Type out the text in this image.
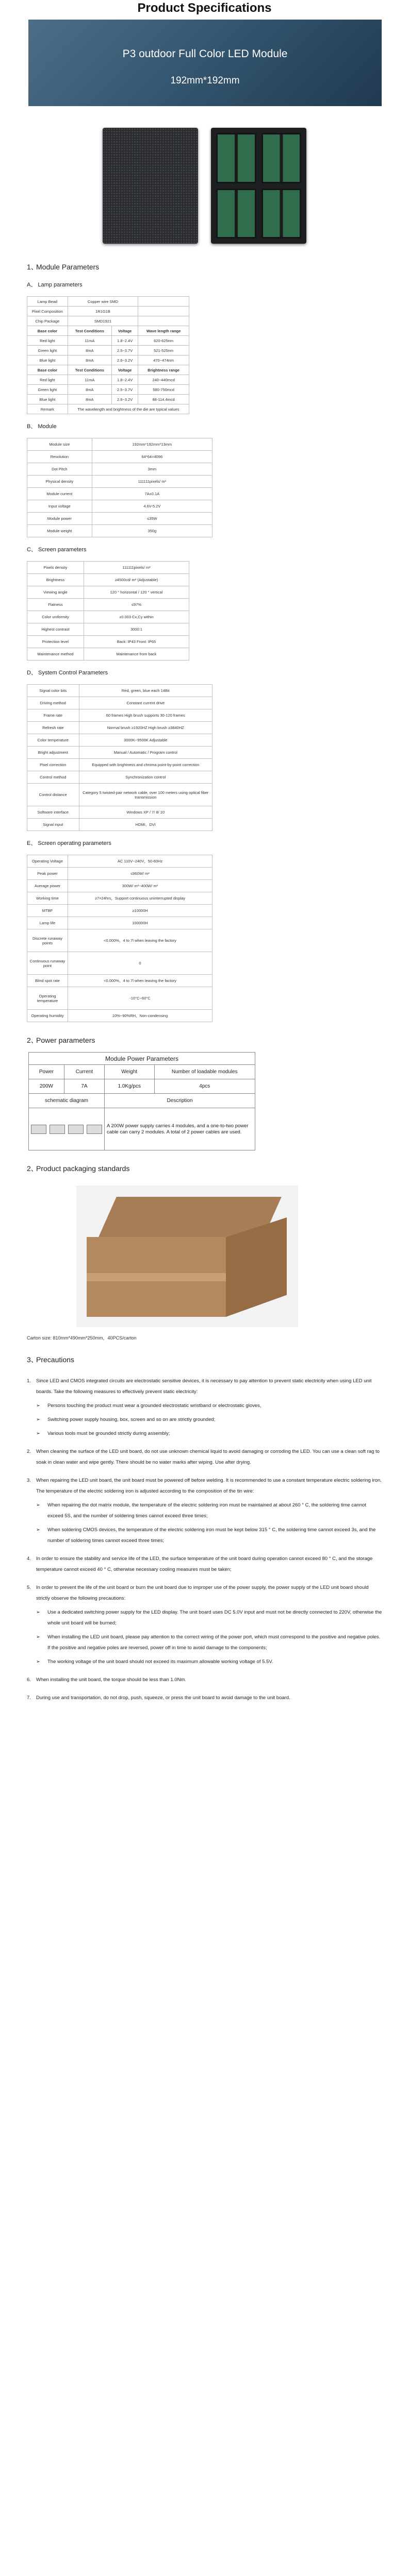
Product Specifications
P3 outdoor Full Color LED Module
192mm*192mm
1、Module Parameters
A、 Lamp parameters
Lamp Bead	Copper wire SMD		
Pixel Composition	1R1G1B		
Chip Package	SMD1921		
Base color	Test Conditions	Voltage	Wave length range
Red light	11mA	1.8~2.4V	620-625nm
Green light	8mA	2.5~3.7V	521-525nm
Blue light	8mA	2.6~3.2V	470~474nm
Base color	Test Conditions	Voltage	Brightness range
Red light	11mA	1.8~2.4V	240~440mcd
Green light	8mA	2.5~3.7V	580-750mcd
Blue light	8mA	2.6~3.2V	88-114.4mcd
Remark	The wavelength and brightness of the die are typical values		
B、 Module
Module size	192mm*192mm*13mm
Resolution	64*64=4096
Dot Pitch	3mm
Physical density	111111pixels/ m²
Module current	7A±0.1A
Input voltage	4.6V-5.2V
Module power	≤35W
Module weight	350g
C、 Screen parameters
Pixels density	111111pixels/ m²
Brightness	≥4500cd/ m² (Adjustable)
Viewing angle	120 ° horizontal / 120 ° vertical
Flatness	≤97%
Color uniformity	±0.003 Cx,Cy within
Highest contrast	3000:1
Protection level	Back: IP43 Front: IP65
Maintenance method	Maintenance from back
D、 System Control Parameters
Signal color bits	Red, green, blue each 14Bit
Driving method	Constant current drive
Frame rate	60 frames High brush supports 30-120 frames
Refresh rate	Normal brush ≥1920HZ High brush ≥3840HZ
Color temperature	3000K~9500K Adjustable
Bright adjustment	Manual / Automatic / Program control
Pixel correction	Equipped with brightness and chroma point-by-point correction
Control method	Synchronization control
Control distance	Category 5 twisted-pair network cable, over 100 meters using optical fiber transmission
Software interface	Windows XP / 7/ 8/ 10
Signal input	HDMI、DVI
E、 Screen operating parameters
Operating Voltage	AC 110V~240V，50-60Hz
Peak power	≤960W/ m²
Average power	300W/ m²~400W/ m²
Working time	≥7×24hrs，Support continuous uninterrupted display
MTBF	≥10000H
Lamp life	100000H
Discrete runaway points	<0.000%，4 to 7l when leaving the factory
Continuous runaway point	0
Blind spot rate	<0.000%，4 to 7l when leaving the factory
Operating temperature	-10°C~60°C
Operating humidity	10%~90%RH，Non-condensing
2、Power parameters
Module Power Parameters			
Power	Current	Weight	Number of loadable modules
200W	7A	1.0Kg/pcs	4pcs
schematic diagram		Description	

		A 200W power supply carries 4 modules, and a one-to-two power cable can carry 2 modules. A total of 2 power cables are used.	
2、Product packaging standards
Carton size: 810mm*490mm*250mm，40PCS/carton
3、Precautions
1.	Since LED and CMOS integrated circuits are electrostatic sensitive devices, it is necessary to pay attention to prevent static electricity when using LED unit boards. Take the following measures to effectively prevent static electricity:
➢	Persons touching the product must wear a grounded electrostatic wristband or electrostatic gloves,
➢	Switching power supply housing, box, screen and so on are strictly grounded;
➢	Various tools must be grounded strictly during assembly;
2.	When cleaning the surface of the LED unit board, do not use unknown chemical liquid to avoid damaging or corroding the LED. You can use a clean soft rag to soak in clean water and wipe gently. There should be no water marks after wiping. Use after drying.
3.	When repairing the LED unit board, the unit board must be powered off before welding. It is recommended to use a constant temperature electric soldering iron. The temperature of the electric soldering iron is adjusted according to the composition of the tin wire:
➢	When repairing the dot matrix module, the temperature of the electric soldering iron must be maintained at about 260 ° C, the soldering time cannot exceed 5S, and the number of soldering times cannot exceed three times;
➢	When soldering CMOS devices, the temperature of the electric soldering iron must be kept below 315 ° C, the soldering time cannot exceed 3s, and the number of soldering times cannot exceed three times;
4.	In order to ensure the stability and service life of the LED, the surface temperature of the unit board during operation cannot exceed 80 ° C, and the storage temperature cannot exceed 40 ° C, otherwise necessary cooling measures must be taken;
5.	In order to prevent the life of the unit board or burn the unit board due to improper use of the power supply, the power supply of the LED unit board should strictly observe the following precautions:
➢	Use a dedicated switching power supply for the LED display. The unit board uses DC 5.0V input and must not be directly connected to 220V, otherwise the whole unit board will be burned;
➢	When installing the LED unit board, please pay attention to the correct wiring of the power port, which must correspond to the positive and negative poles. If the positive and negative poles are reversed, power off in time to avoid damage to the components;
➢	The working voltage of the unit board should not exceed its maximum allowable working voltage of 5.5V.
6.	When installing the unit board, the torque should be less than 1.0Nm.
7.	During use and transportation, do not drop, push, squeeze, or press the unit board to avoid damage to the unit board.
